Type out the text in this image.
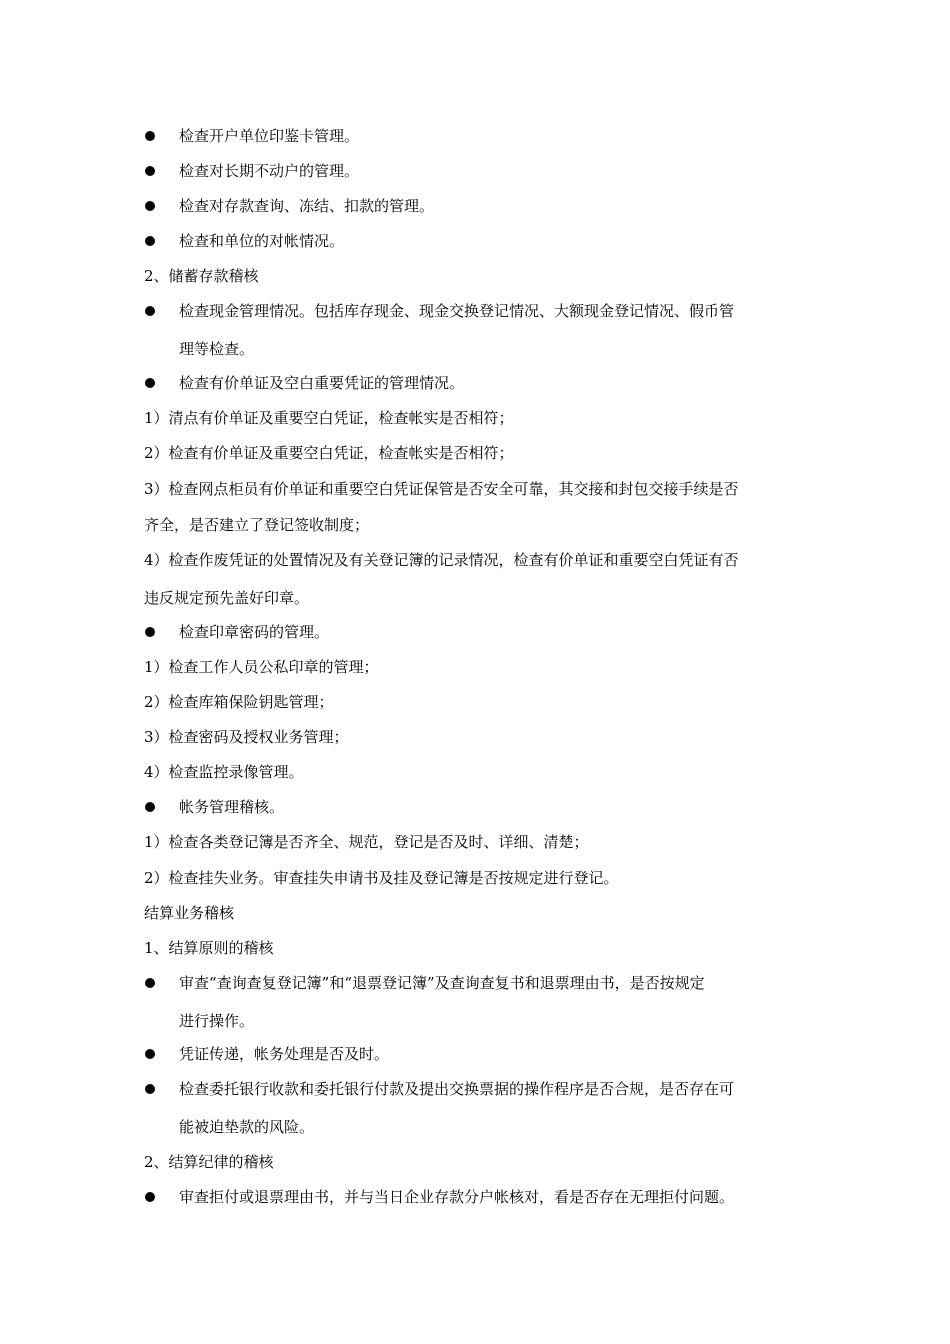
检查开户单位印鉴卡管理。
检查对长期不动户的管理。
检查对存款查询、冻结、扣款的管理。
检查和单位的对帐情况。
2、储蓄存款稽核
检查现金管理情况。包括库存现金、现金交换登记情况、大额现金登记情况、假币管
理等检查。
检查有价单证及空白重要凭证的管理情况。
1）清点有价单证及重要空白凭证，检查帐实是否相符；
2）检查有价单证及重要空白凭证，检查帐实是否相符；
3）检查网点柜员有价单证和重要空白凭证保管是否安全可靠，其交接和封包交接手续是否
齐全，是否建立了登记签收制度；
4）检查作废凭证的处置情况及有关登记簿的记录情况，检查有价单证和重要空白凭证有否
违反规定预先盖好印章。
检查印章密码的管理。
1）检查工作人员公私印章的管理；
2）检查库箱保险钥匙管理；
3）检查密码及授权业务管理；
4）检查监控录像管理。
帐务管理稽核。
1）检查各类登记簿是否齐全、规范，登记是否及时、详细、清楚；
2）检查挂失业务。审查挂失申请书及挂及登记簿是否按规定进行登记。
结算业务稽核
1、结算原则的稽核
审查“查询查复登记簿”和“退票登记簿”及查询查复书和退票理由书，是否按规定
进行操作。
凭证传递，帐务处理是否及时。
检查委托银行收款和委托银行付款及提出交换票据的操作程序是否合规，是否存在可
能被迫垫款的风险。
2、结算纪律的稽核
审查拒付或退票理由书，并与当日企业存款分户帐核对，看是否存在无理拒付问题。
